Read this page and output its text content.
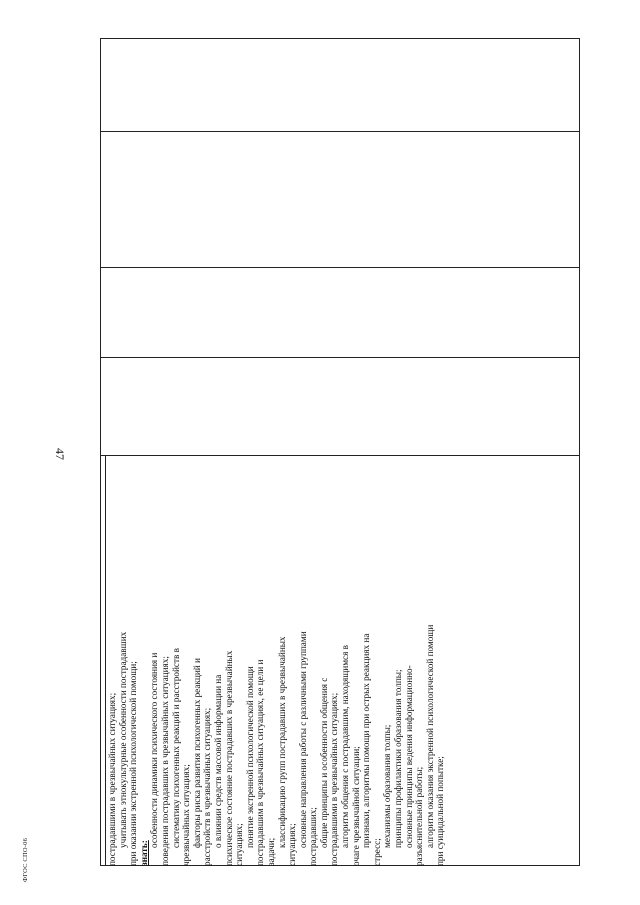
47
ФГОС СПО-06	пострадавшими в чрезвычайных ситуациях; учитывать этнокультурные особенности пострадавших при оказании экстренной психологической помощи; знать:
особенности динамики психического состояния и поведения пострадавших в чрезвычайных ситуациях; систематику психогенных реакций и расстройств в чрезвычайных ситуациях; факторы риска развития психогенных реакций и расстройств в чрезвычайных ситуациях; о влиянии средств массовой информации на психическое состояние пострадавших в чрезвычайных ситуациях; понятие экстренной психологической помощи пострадавшим в чрезвычайных ситуациях, ее цели и задачи;
классификацию групп пострадавших в чрезвычайных ситуациях; основные направления работы с различными группами пострадавших; общие принципы и особенности общения с пострадавшими в чрезвычайных ситуациях; алгоритм общения с пострадавшим, находящимся в очаге чрезвычайной ситуации; признаки, алгоритмы помощи при острых реакциях на
стресс;
механизмы образования толпы; принципы профилактики образования толпы; основные принципы ведения информационно- разъяснительной работы; алгоритм оказания экстренной психологической помощи при суицидальной попытке;
